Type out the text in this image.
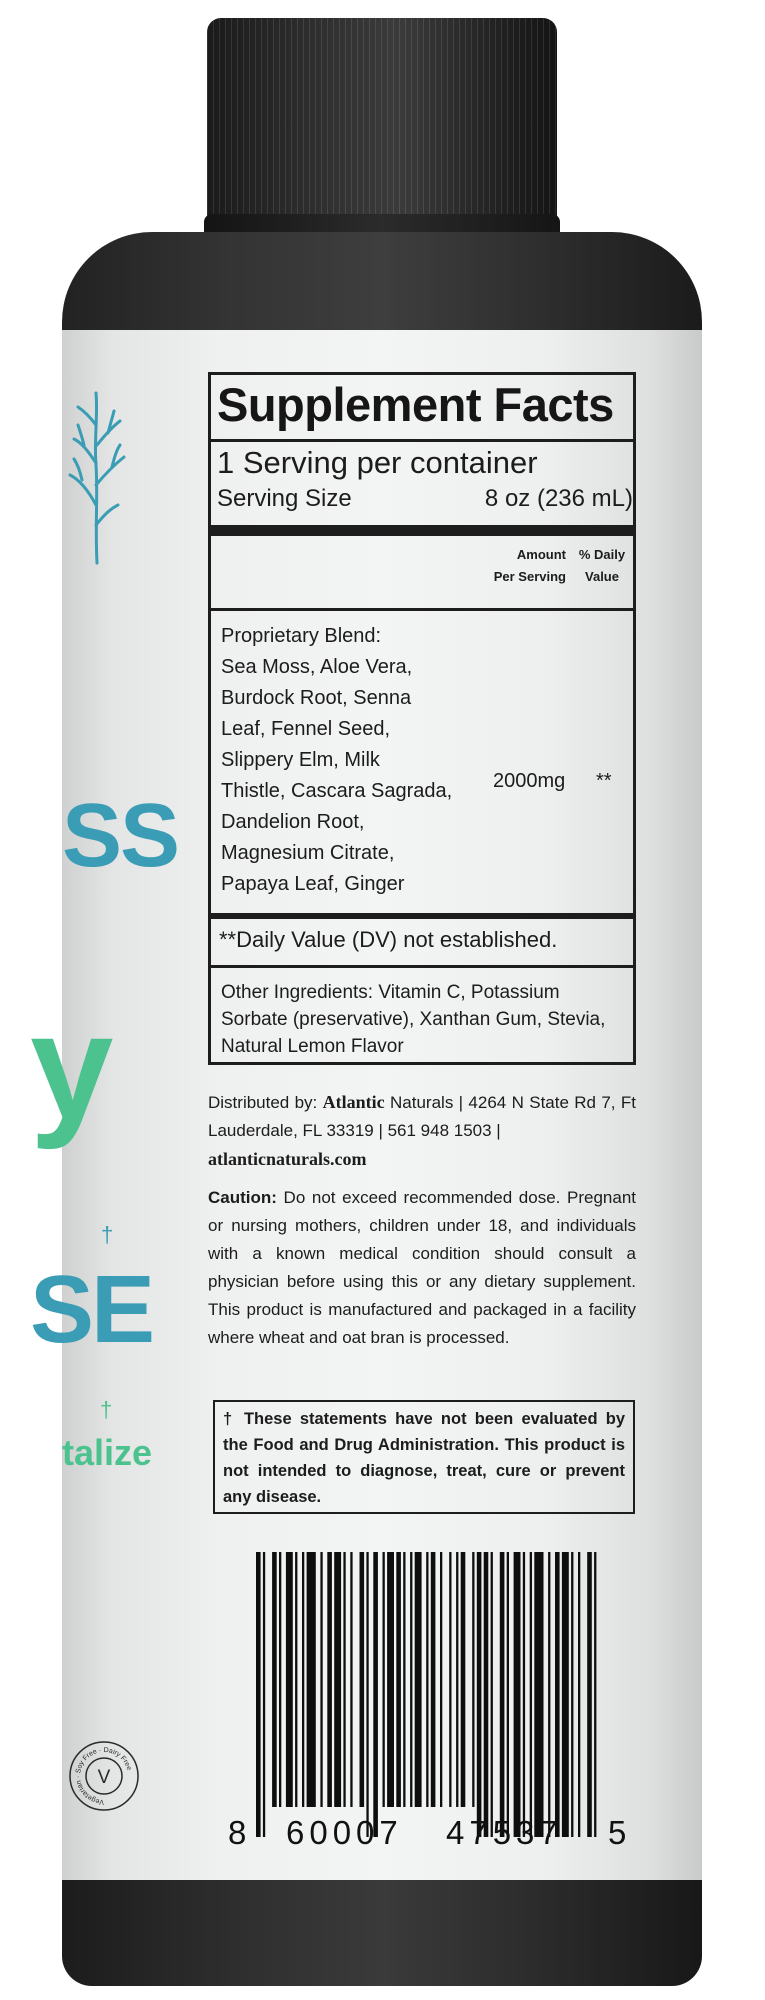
SS
y
†
SE
†
talize
Vegetarian · Soy Free · Dairy Free
V
Supplement Facts
1 Serving per container
Serving Size	8 oz (236 mL)
Amount
Per Serving
% Daily
Value
Proprietary Blend:
Sea Moss, Aloe Vera,
Burdock Root, Senna
Leaf, Fennel Seed,
Slippery Elm, Milk
Thistle, Cascara Sagrada,
Dandelion Root,
Magnesium Citrate,
Papaya Leaf, Ginger
2000mg **
**Daily Value (DV) not established.
Other Ingredients: Vitamin C, Potassium Sorbate (preservative), Xanthan Gum, Stevia, Natural Lemon Flavor
Distributed by: Atlantic Naturals | 4264 N State Rd 7, Ft Lauderdale, FL 33319 | 561 948 1503 |
atlanticnaturals.com
Caution: Do not exceed recommended dose. Pregnant or nursing mothers, children under 18, and individuals with a known medical condition should consult a physician before using this or any dietary supplement. This product is manufactured and packaged in a facility where wheat and oat bran is processed.
† These statements have not been evaluated by the Food and Drug Administration. This product is not intended to diagnose, treat, cure or prevent any disease.
8 60007 47537 5
